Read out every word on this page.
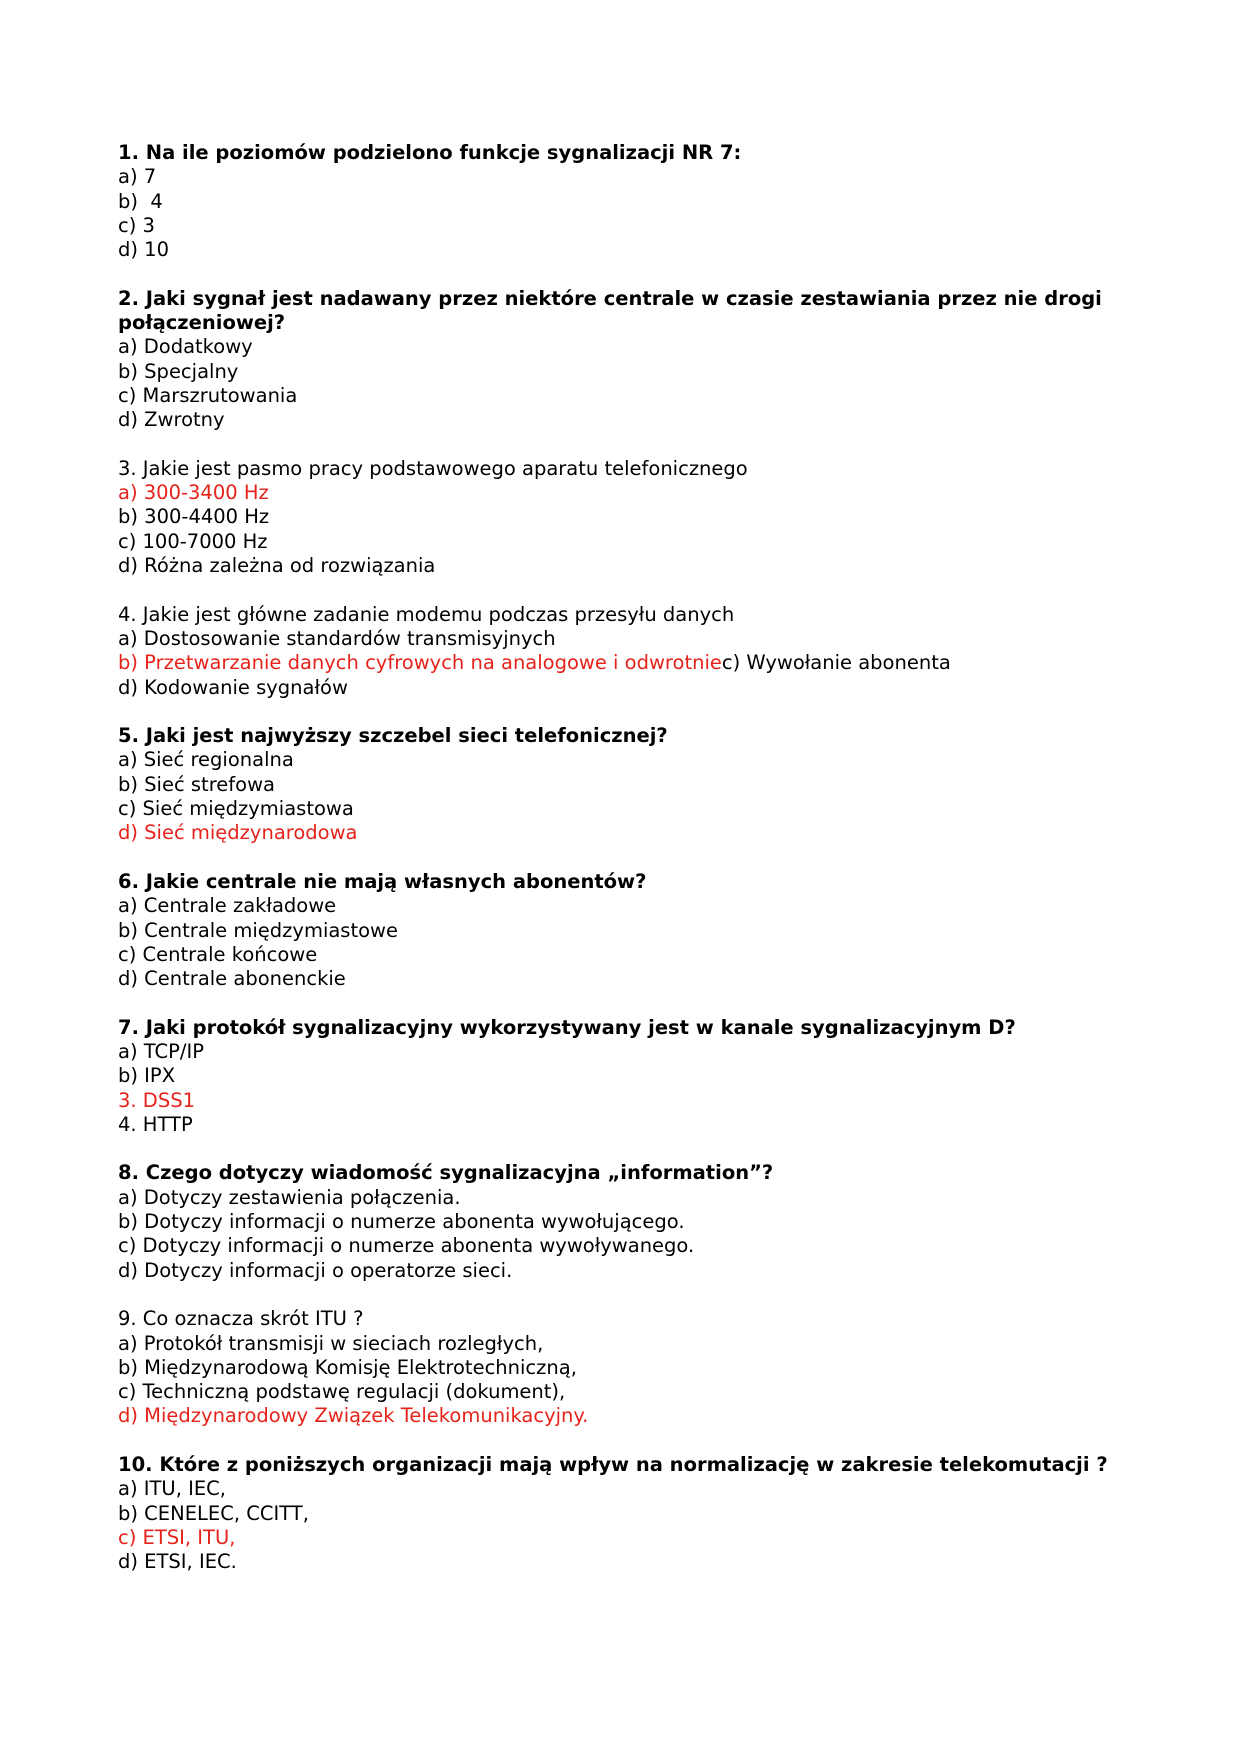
1. Na ile poziomów podzielono funkcje sygnalizacji NR 7:
a) 7
b)  4
c) 3
d) 10
2. Jaki sygnał jest nadawany przez niektóre centrale w czasie zestawiania przez nie drogi połączeniowej?
a) Dodatkowy
b) Specjalny
c) Marszrutowania
d) Zwrotny
3. Jakie jest pasmo pracy podstawowego aparatu telefonicznego
a) 300-3400 Hz
b) 300-4400 Hz
c) 100-7000 Hz
d) Różna zależna od rozwiązania
4. Jakie jest główne zadanie modemu podczas przesyłu danych
a) Dostosowanie standardów transmisyjnych
b) Przetwarzanie danych cyfrowych na analogowe i odwrotniec) Wywołanie abonenta
d) Kodowanie sygnałów
5. Jaki jest najwyższy szczebel sieci telefonicznej?
a) Sieć regionalna
b) Sieć strefowa
c) Sieć międzymiastowa
d) Sieć międzynarodowa
6. Jakie centrale nie mają własnych abonentów?
a) Centrale zakładowe
b) Centrale międzymiastowe
c) Centrale końcowe
d) Centrale abonenckie
7. Jaki protokół sygnalizacyjny wykorzystywany jest w kanale sygnalizacyjnym D?
a) TCP/IP
b) IPX
3. DSS1
4. HTTP
8. Czego dotyczy wiadomość sygnalizacyjna „information”?
a) Dotyczy zestawienia połączenia.
b) Dotyczy informacji o numerze abonenta wywołującego.
c) Dotyczy informacji o numerze abonenta wywoływanego.
d) Dotyczy informacji o operatorze sieci.
9. Co oznacza skrót ITU ?
a) Protokół transmisji w sieciach rozległych,
b) Międzynarodową Komisję Elektrotechniczną,
c) Techniczną podstawę regulacji (dokument),
d) Międzynarodowy Związek Telekomunikacyjny.
10. Które z poniższych organizacji mają wpływ na normalizację w zakresie telekomutacji ?
a) ITU, IEC,
b) CENELEC, CCITT,
c) ETSI, ITU,
d) ETSI, IEC.
